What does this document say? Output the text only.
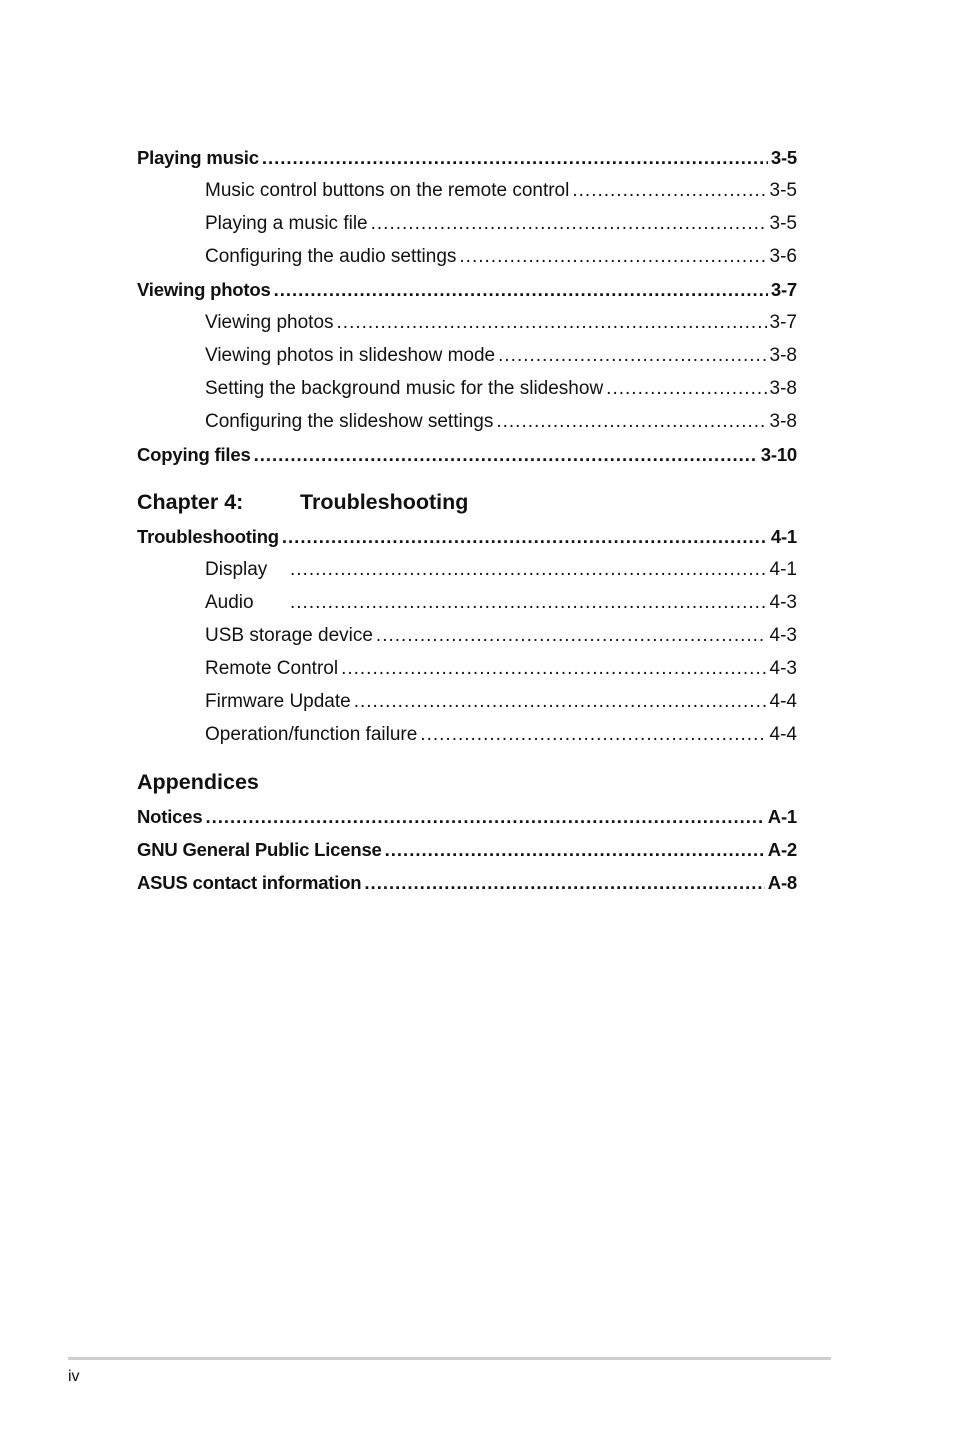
Playing music .....	3-5
Music control buttons on the remote control .....	3-5
Playing a music file .....	3-5
Configuring the audio settings .....	3-6
Viewing photos .....	3-7
Viewing photos .....	3-7
Viewing photos in slideshow mode .....	3-8
Setting the background music for the slideshow .....	3-8
Configuring the slideshow settings .....	3-8
Copying files .....	3-10
Chapter 4:	Troubleshooting
Troubleshooting .....	4-1
Display .....	4-1
Audio .....	4-3
USB storage device .....	4-3
Remote Control .....	4-3
Firmware Update .....	4-4
Operation/function failure .....	4-4
Appendices
Notices .....	A-1
GNU General Public License .....	A-2
ASUS contact information .....	A-8
iv
